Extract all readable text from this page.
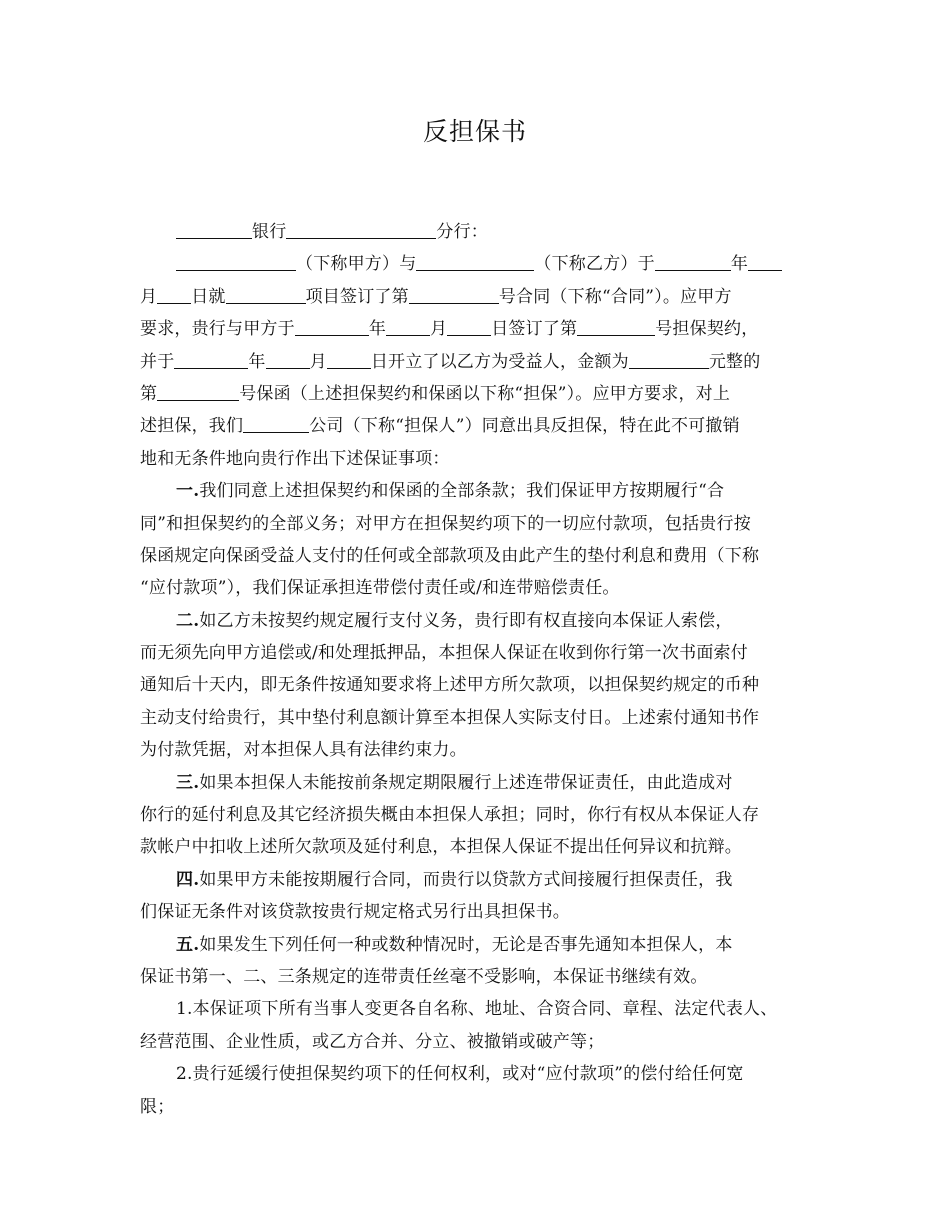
反担保书
银行	分行：
（下称甲方）与	（下称乙方）于	年
月 日就	项目签订了第	号合同（下称“合同”）。应甲方
要求，贵行与甲方于	年	月	日签订了第	号担保契约，
并于	年	月	日开立了以乙方为受益人，金额为	元整的
第	号保函（上述担保契约和保函以下称“担保”）。应甲方要求，对上
述担保，我们	公司（下称“担保人”）同意出具反担保，特在此不可撤销
地和无条件地向贵行作出下述保证事项：
一.我们同意上述担保契约和保函的全部条款；我们保证甲方按期履行“合
同”和担保契约的全部义务；对甲方在担保契约项下的一切应付款项，包括贵行按
保函规定向保函受益人支付的任何或全部款项及由此产生的垫付利息和费用（下称
“应付款项”），我们保证承担连带偿付责任或/和连带赔偿责任。
二.如乙方未按契约规定履行支付义务，贵行即有权直接向本保证人索偿，
而无须先向甲方追偿或/和处理抵押品，本担保人保证在收到你行第一次书面索付
通知后十天内，即无条件按通知要求将上述甲方所欠款项，以担保契约规定的币种
主动支付给贵行，其中垫付利息额计算至本担保人实际支付日。上述索付通知书作
为付款凭据，对本担保人具有法律约束力。
三.如果本担保人未能按前条规定期限履行上述连带保证责任，由此造成对
你行的延付利息及其它经济损失概由本担保人承担；同时，你行有权从本保证人存
款帐户中扣收上述所欠款项及延付利息，本担保人保证不提出任何异议和抗辩。
四.如果甲方未能按期履行合同，而贵行以贷款方式间接履行担保责任，我
们保证无条件对该贷款按贵行规定格式另行出具担保书。
五.如果发生下列任何一种或数种情况时，无论是否事先通知本担保人，本
保证书第一、二、三条规定的连带责任丝毫不受影响，本保证书继续有效。
1.本保证项下所有当事人变更各自名称、地址、合资合同、章程、法定代表人、
经营范围、企业性质，或乙方合并、分立、被撤销或破产等；
2.贵行延缓行使担保契约项下的任何权利，或对“应付款项”的偿付给任何宽
限；
